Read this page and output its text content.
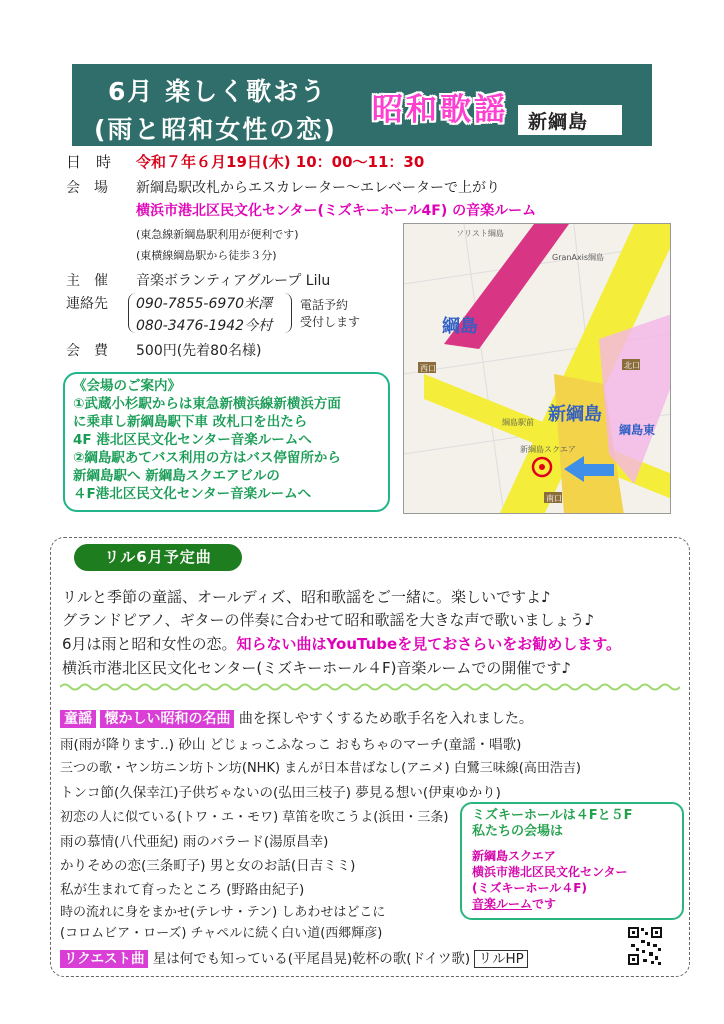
6月 楽しく歌おう
(雨と昭和女性の恋)
昭和歌謡	新綱島
日　時 令和７年６月19日(木) 10：00〜11：30
会　場 新綱島駅改札からエスカレーター〜エレベーターで上がり
横浜市港北区民文化センター(ミズキーホール4F) の音楽ルーム
(東急線新綱島駅利用が便利です)
(東横線綱島駅から徒歩３分)
主　催 音楽ボランティアグループ Lilu
連絡先 090-7855-6970米澤
080-3476-1942今村
電話予約
受付します
会　費 500円(先着80名様)
《会場のご案内》
①武蔵小杉駅からは東急新横浜線新横浜方面
に乗車し新綱島駅下車 改札口を出たら
4F 港北区民文化センター音楽ルームへ
②綱島駅あてバス利用の方はバス停留所から
新綱島駅へ 新綱島スクエアビルの
４F港北区民文化センター音楽ルームへ
ソリスト綱島
GranAxis綱島
綱島駅前
新綱島スクエア
綱島
新綱島
綱島東
西口	北口
南口
リル6月予定曲
リルと季節の童謡、オールディズ、昭和歌謡をご一緒に。楽しいですよ♪
グランドピアノ、ギターの伴奏に合わせて昭和歌謡を大きな声で歌いましょう♪
6月は雨と昭和女性の恋。知らない曲はYouTubeを見ておさらいをお勧めします。
横浜市港北区民文化センター(ミズキーホール４F)音楽ルームでの開催です♪
童謡 懐かしい昭和の名曲 曲を探しやすくするため歌手名を入れました。
雨(雨が降ります‥) 砂山 どじょっこふなっこ おもちゃのマーチ(童謡・唱歌)
三つの歌・ヤン坊ニン坊トン坊(NHK) まんが日本昔ばなし(アニメ) 白鷺三味線(高田浩吉)
トンコ節(久保幸江)子供ぢゃないの(弘田三枝子) 夢見る想い(伊東ゆかり)
初恋の人に似ている(トワ・エ・モワ) 草笛を吹こうよ(浜田・三条)
雨の慕情(八代亜紀) 雨のバラード(湯原昌幸)
かりそめの恋(三条町子) 男と女のお話(日吉ミミ)
私が生まれて育ったところ (野路由紀子)
時の流れに身をまかせ(テレサ・テン) しあわせはどこに
(コロムビア・ローズ) チャペルに続く白い道(西郷輝彦)
リクエスト曲 星は何でも知っている(平尾昌晃)乾杯の歌(ドイツ歌) リルHP
ミズキーホールは４Fと５F
私たちの会場は
新綱島スクエア
横浜市港北区民文化センター
(ミズキーホール４F)
音楽ルームです
